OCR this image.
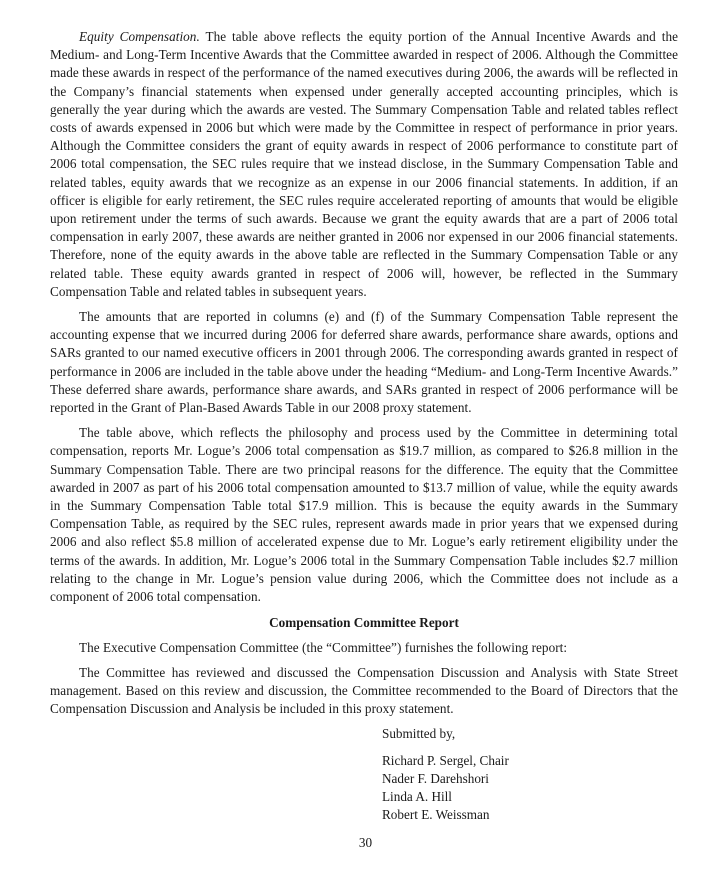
Equity Compensation. The table above reflects the equity portion of the Annual Incentive Awards and the Medium- and Long-Term Incentive Awards that the Committee awarded in respect of 2006. Although the Committee made these awards in respect of the performance of the named executives during 2006, the awards will be reflected in the Company’s financial statements when expensed under generally accepted accounting principles, which is generally the year during which the awards are vested. The Summary Compensation Table and related tables reflect costs of awards expensed in 2006 but which were made by the Committee in respect of performance in prior years. Although the Committee considers the grant of equity awards in respect of 2006 performance to constitute part of 2006 total compensation, the SEC rules require that we instead disclose, in the Summary Compensation Table and related tables, equity awards that we recognize as an expense in our 2006 financial statements. In addition, if an officer is eligible for early retirement, the SEC rules require accelerated reporting of amounts that would be eligible upon retirement under the terms of such awards. Because we grant the equity awards that are a part of 2006 total compensation in early 2007, these awards are neither granted in 2006 nor expensed in our 2006 financial statements. Therefore, none of the equity awards in the above table are reflected in the Summary Compensation Table or any related table. These equity awards granted in respect of 2006 will, however, be reflected in the Summary Compensation Table and related tables in subsequent years.

The amounts that are reported in columns (e) and (f) of the Summary Compensation Table represent the accounting expense that we incurred during 2006 for deferred share awards, performance share awards, options and SARs granted to our named executive officers in 2001 through 2006. The corresponding awards granted in respect of performance in 2006 are included in the table above under the heading “Medium- and Long-Term Incentive Awards.” These deferred share awards, performance share awards, and SARs granted in respect of 2006 performance will be reported in the Grant of Plan-Based Awards Table in our 2008 proxy statement.

The table above, which reflects the philosophy and process used by the Committee in determining total compensation, reports Mr. Logue’s 2006 total compensation as $19.7 million, as compared to $26.8 million in the Summary Compensation Table. There are two principal reasons for the difference. The equity that the Committee awarded in 2007 as part of his 2006 total compensation amounted to $13.7 million of value, while the equity awards in the Summary Compensation Table total $17.9 million. This is because the equity awards in the Summary Compensation Table, as required by the SEC rules, represent awards made in prior years that we expensed during 2006 and also reflect $5.8 million of accelerated expense due to Mr. Logue’s early retirement eligibility under the terms of the awards. In addition, Mr. Logue’s 2006 total in the Summary Compensation Table includes $2.7 million relating to the change in Mr. Logue’s pension value during 2006, which the Committee does not include as a component of 2006 total compensation.

Compensation Committee Report

The Executive Compensation Committee (the “Committee”) furnishes the following report:

The Committee has reviewed and discussed the Compensation Discussion and Analysis with State Street management. Based on this review and discussion, the Committee recommended to the Board of Directors that the Compensation Discussion and Analysis be included in this proxy statement.

Submitted by,
Richard P. Sergel, Chair
Nader F. Darehshori
Linda A. Hill
Robert E. Weissman
30
